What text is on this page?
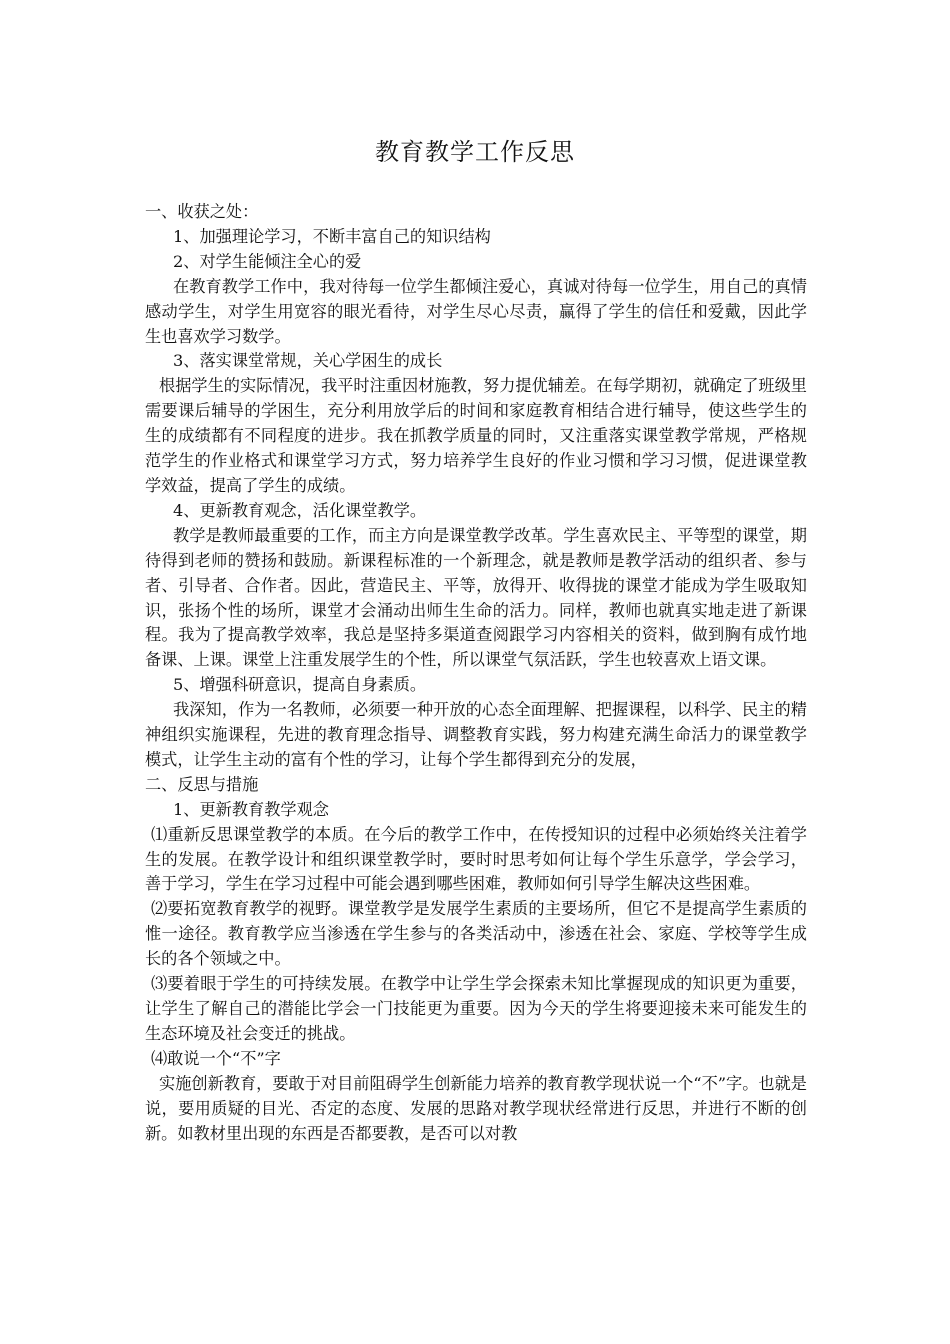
教育教学工作反思

一、收获之处：

1、加强理论学习，不断丰富自己的知识结构

2、对学生能倾注全心的爱

在教育教学工作中，我对待每一位学生都倾注爱心，真诚对待每一位学生，用自己的真情感动学生，对学生用宽容的眼光看待，对学生尽心尽责，赢得了学生的信任和爱戴，因此学生也喜欢学习数学。

3、落实课堂常规，关心学困生的成长

根据学生的实际情况，我平时注重因材施教，努力提优辅差。在每学期初，就确定了班级里需要课后辅导的学困生，充分利用放学后的时间和家庭教育相结合进行辅导，使这些学生的生的成绩都有不同程度的进步。我在抓教学质量的同时，又注重落实课堂教学常规，严格规范学生的作业格式和课堂学习方式，努力培养学生良好的作业习惯和学习习惯，促进课堂教学效益，提高了学生的成绩。

4、更新教育观念，活化课堂教学。

教学是教师最重要的工作，而主方向是课堂教学改革。学生喜欢民主、平等型的课堂，期待得到老师的赞扬和鼓励。新课程标准的一个新理念，就是教师是教学活动的组织者、参与者、引导者、合作者。因此，营造民主、平等，放得开、收得拢的课堂才能成为学生吸取知识，张扬个性的场所，课堂才会涌动出师生生命的活力。同样，教师也就真实地走进了新课程。我为了提高教学效率，我总是坚持多渠道查阅跟学习内容相关的资料，做到胸有成竹地备课、上课。课堂上注重发展学生的个性，所以课堂气氛活跃，学生也较喜欢上语文课。

5、增强科研意识，提高自身素质。

我深知，作为一名教师，必须要一种开放的心态全面理解、把握课程，以科学、民主的精神组织实施课程，先进的教育理念指导、调整教育实践，努力构建充满生命活力的课堂教学模式，让学生主动的富有个性的学习，让每个学生都得到充分的发展，

二、反思与措施

1、更新教育教学观念

⑴重新反思课堂教学的本质。在今后的教学工作中，在传授知识的过程中必须始终关注着学生的发展。在教学设计和组织课堂教学时，要时时思考如何让每个学生乐意学，学会学习，善于学习，学生在学习过程中可能会遇到哪些困难，教师如何引导学生解决这些困难。

⑵要拓宽教育教学的视野。课堂教学是发展学生素质的主要场所，但它不是提高学生素质的惟一途径。教育教学应当渗透在学生参与的各类活动中，渗透在社会、家庭、学校等学生成长的各个领域之中。

⑶要着眼于学生的可持续发展。在教学中让学生学会探索未知比掌握现成的知识更为重要，让学生了解自己的潜能比学会一门技能更为重要。因为今天的学生将要迎接未来可能发生的生态环境及社会变迁的挑战。

⑷敢说一个“不”字

实施创新教育，要敢于对目前阻碍学生创新能力培养的教育教学现状说一个“不”字。也就是说，要用质疑的目光、否定的态度、发展的思路对教学现状经常进行反思，并进行不断的创新。如教材里出现的东西是否都要教，是否可以对教
